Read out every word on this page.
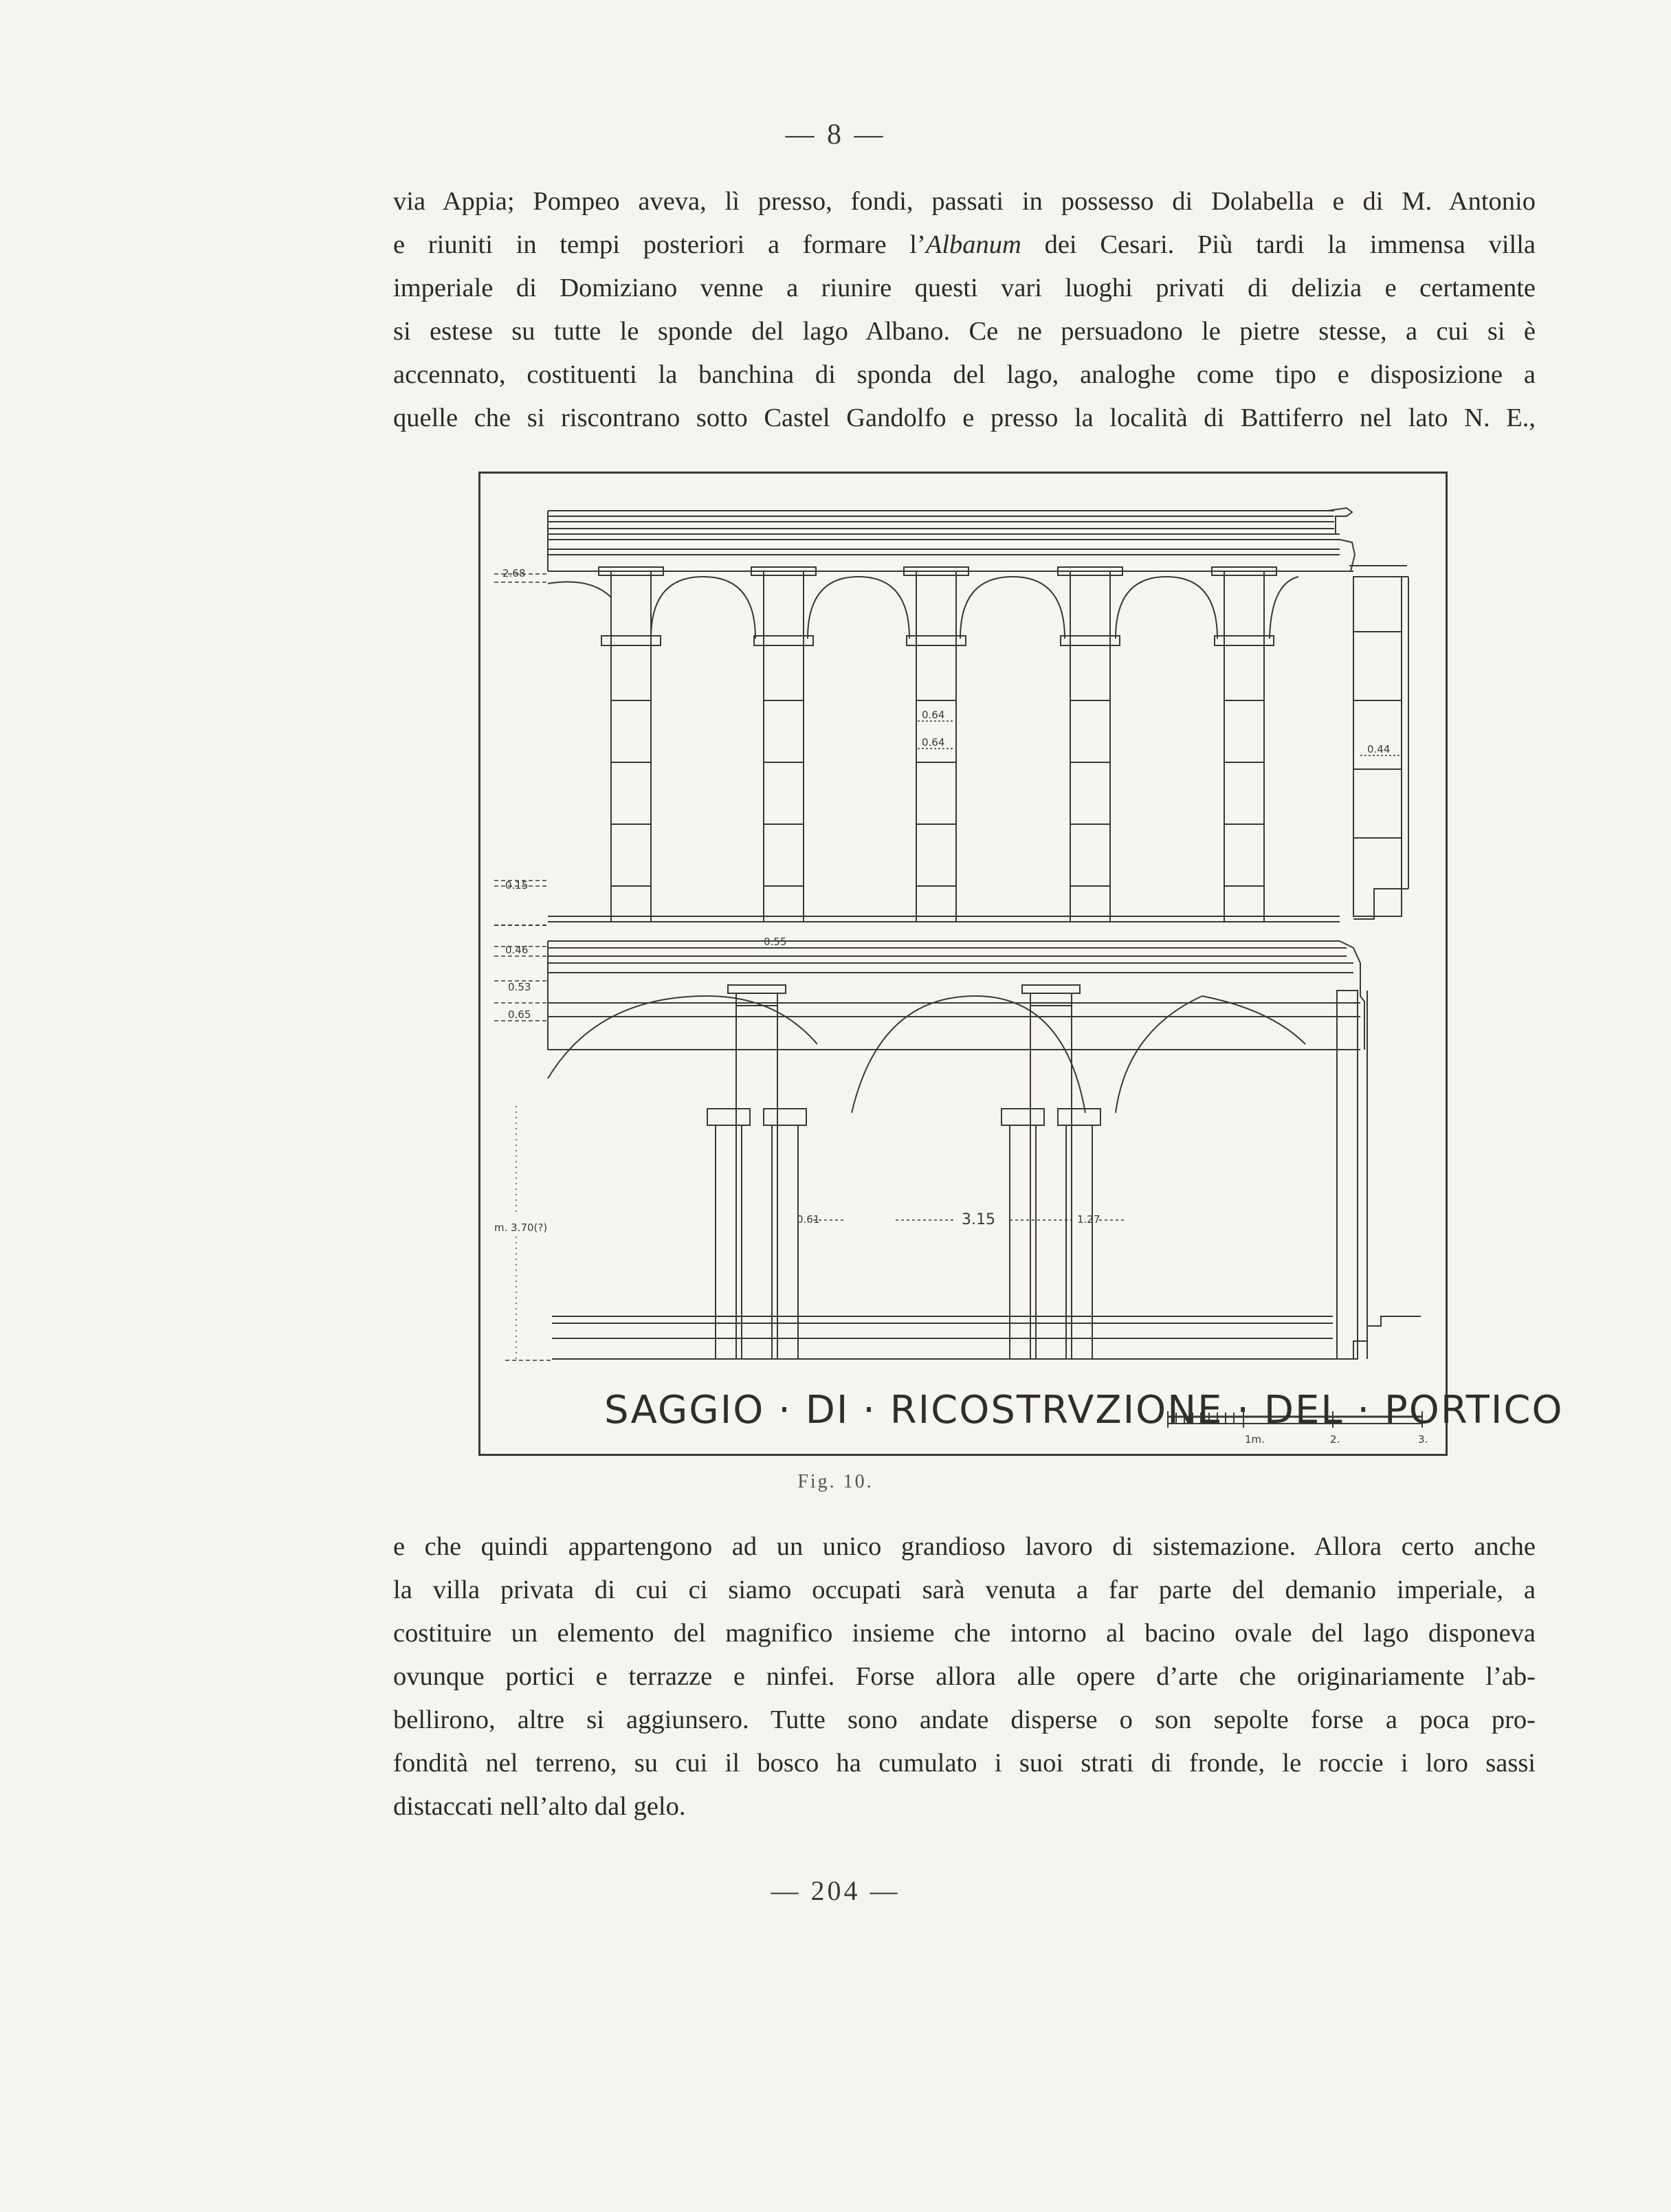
— 8 —
via Appia; Pompeo aveva, lì presso, fondi, passati in possesso di Dolabella e di M. Antonio
e riuniti in tempi posteriori a formare l’Albanum dei Cesari. Più tardi la immensa villa
imperiale di Domiziano venne a riunire questi vari luoghi privati di delizia e certamente
si estese su tutte le sponde del lago Albano. Ce ne persuadono le pietre stesse, a cui si è
accennato, costituenti la banchina di sponda del lago, analoghe come tipo e disposizione a
quelle che si riscontrano sotto Castel Gandolfo e presso la località di Battiferro nel lato N. E.,
2.68
0.15
0.46
0.53
0.65
0.64
0.64
0.44
0.55
0.61	3.15	1.27
m. 3.70(?)
1m.	2.	3.
SAGGIO · DI · RICOSTRVZIONE · DEL · PORTICO
Fig. 10.
e che quindi appartengono ad un unico grandioso lavoro di sistemazione. Allora certo anche
la villa privata di cui ci siamo occupati sarà venuta a far parte del demanio imperiale, a
costituire un elemento del magnifico insieme che intorno al bacino ovale del lago disponeva
ovunque portici e terrazze e ninfei. Forse allora alle opere d’arte che originariamente l’ab-
bellirono, altre si aggiunsero. Tutte sono andate disperse o son sepolte forse a poca pro-
fondità nel terreno, su cui il bosco ha cumulato i suoi strati di fronde, le roccie i loro sassi
distaccati nell’alto dal gelo.
— 204 —
